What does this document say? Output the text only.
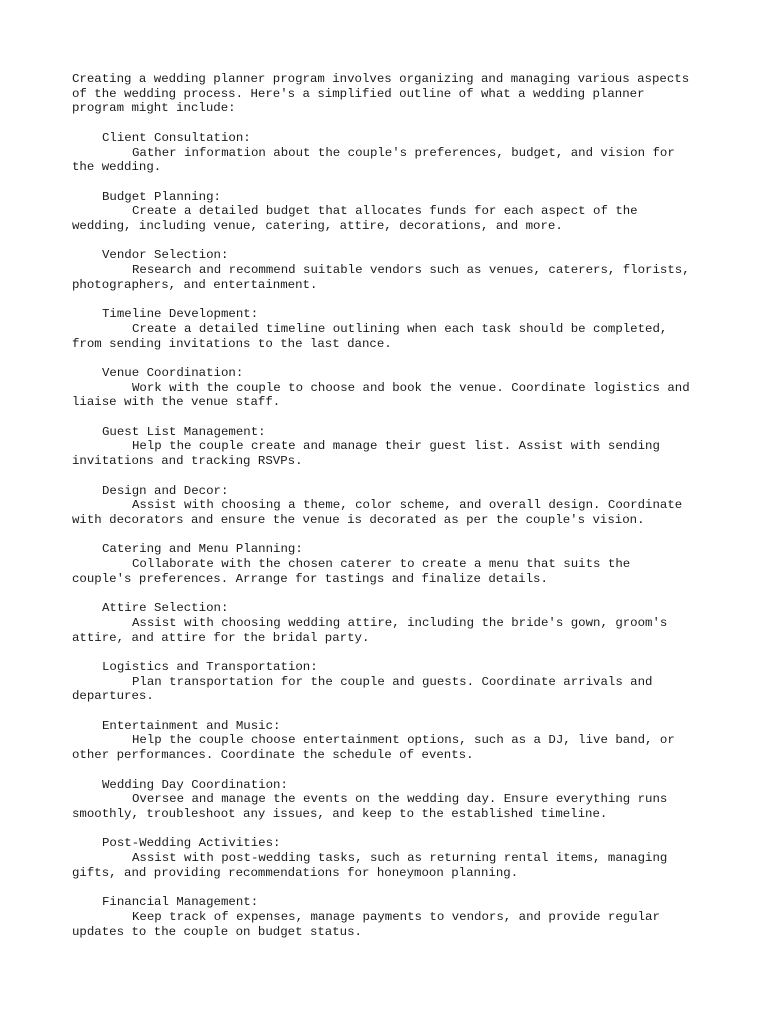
Creating a wedding planner program involves organizing and managing various aspects
of the wedding process. Here's a simplified outline of what a wedding planner
program might include:
Client Consultation:
Gather information about the couple's preferences, budget, and vision for
the wedding.
Budget Planning:
Create a detailed budget that allocates funds for each aspect of the
wedding, including venue, catering, attire, decorations, and more.
Vendor Selection:
Research and recommend suitable vendors such as venues, caterers, florists,
photographers, and entertainment.
Timeline Development:
Create a detailed timeline outlining when each task should be completed,
from sending invitations to the last dance.
Venue Coordination:
Work with the couple to choose and book the venue. Coordinate logistics and
liaise with the venue staff.
Guest List Management:
Help the couple create and manage their guest list. Assist with sending
invitations and tracking RSVPs.
Design and Decor:
Assist with choosing a theme, color scheme, and overall design. Coordinate
with decorators and ensure the venue is decorated as per the couple's vision.
Catering and Menu Planning:
Collaborate with the chosen caterer to create a menu that suits the
couple's preferences. Arrange for tastings and finalize details.
Attire Selection:
Assist with choosing wedding attire, including the bride's gown, groom's
attire, and attire for the bridal party.
Logistics and Transportation:
Plan transportation for the couple and guests. Coordinate arrivals and
departures.
Entertainment and Music:
Help the couple choose entertainment options, such as a DJ, live band, or
other performances. Coordinate the schedule of events.
Wedding Day Coordination:
Oversee and manage the events on the wedding day. Ensure everything runs
smoothly, troubleshoot any issues, and keep to the established timeline.
Post-Wedding Activities:
Assist with post-wedding tasks, such as returning rental items, managing
gifts, and providing recommendations for honeymoon planning.
Financial Management:
Keep track of expenses, manage payments to vendors, and provide regular
updates to the couple on budget status.
